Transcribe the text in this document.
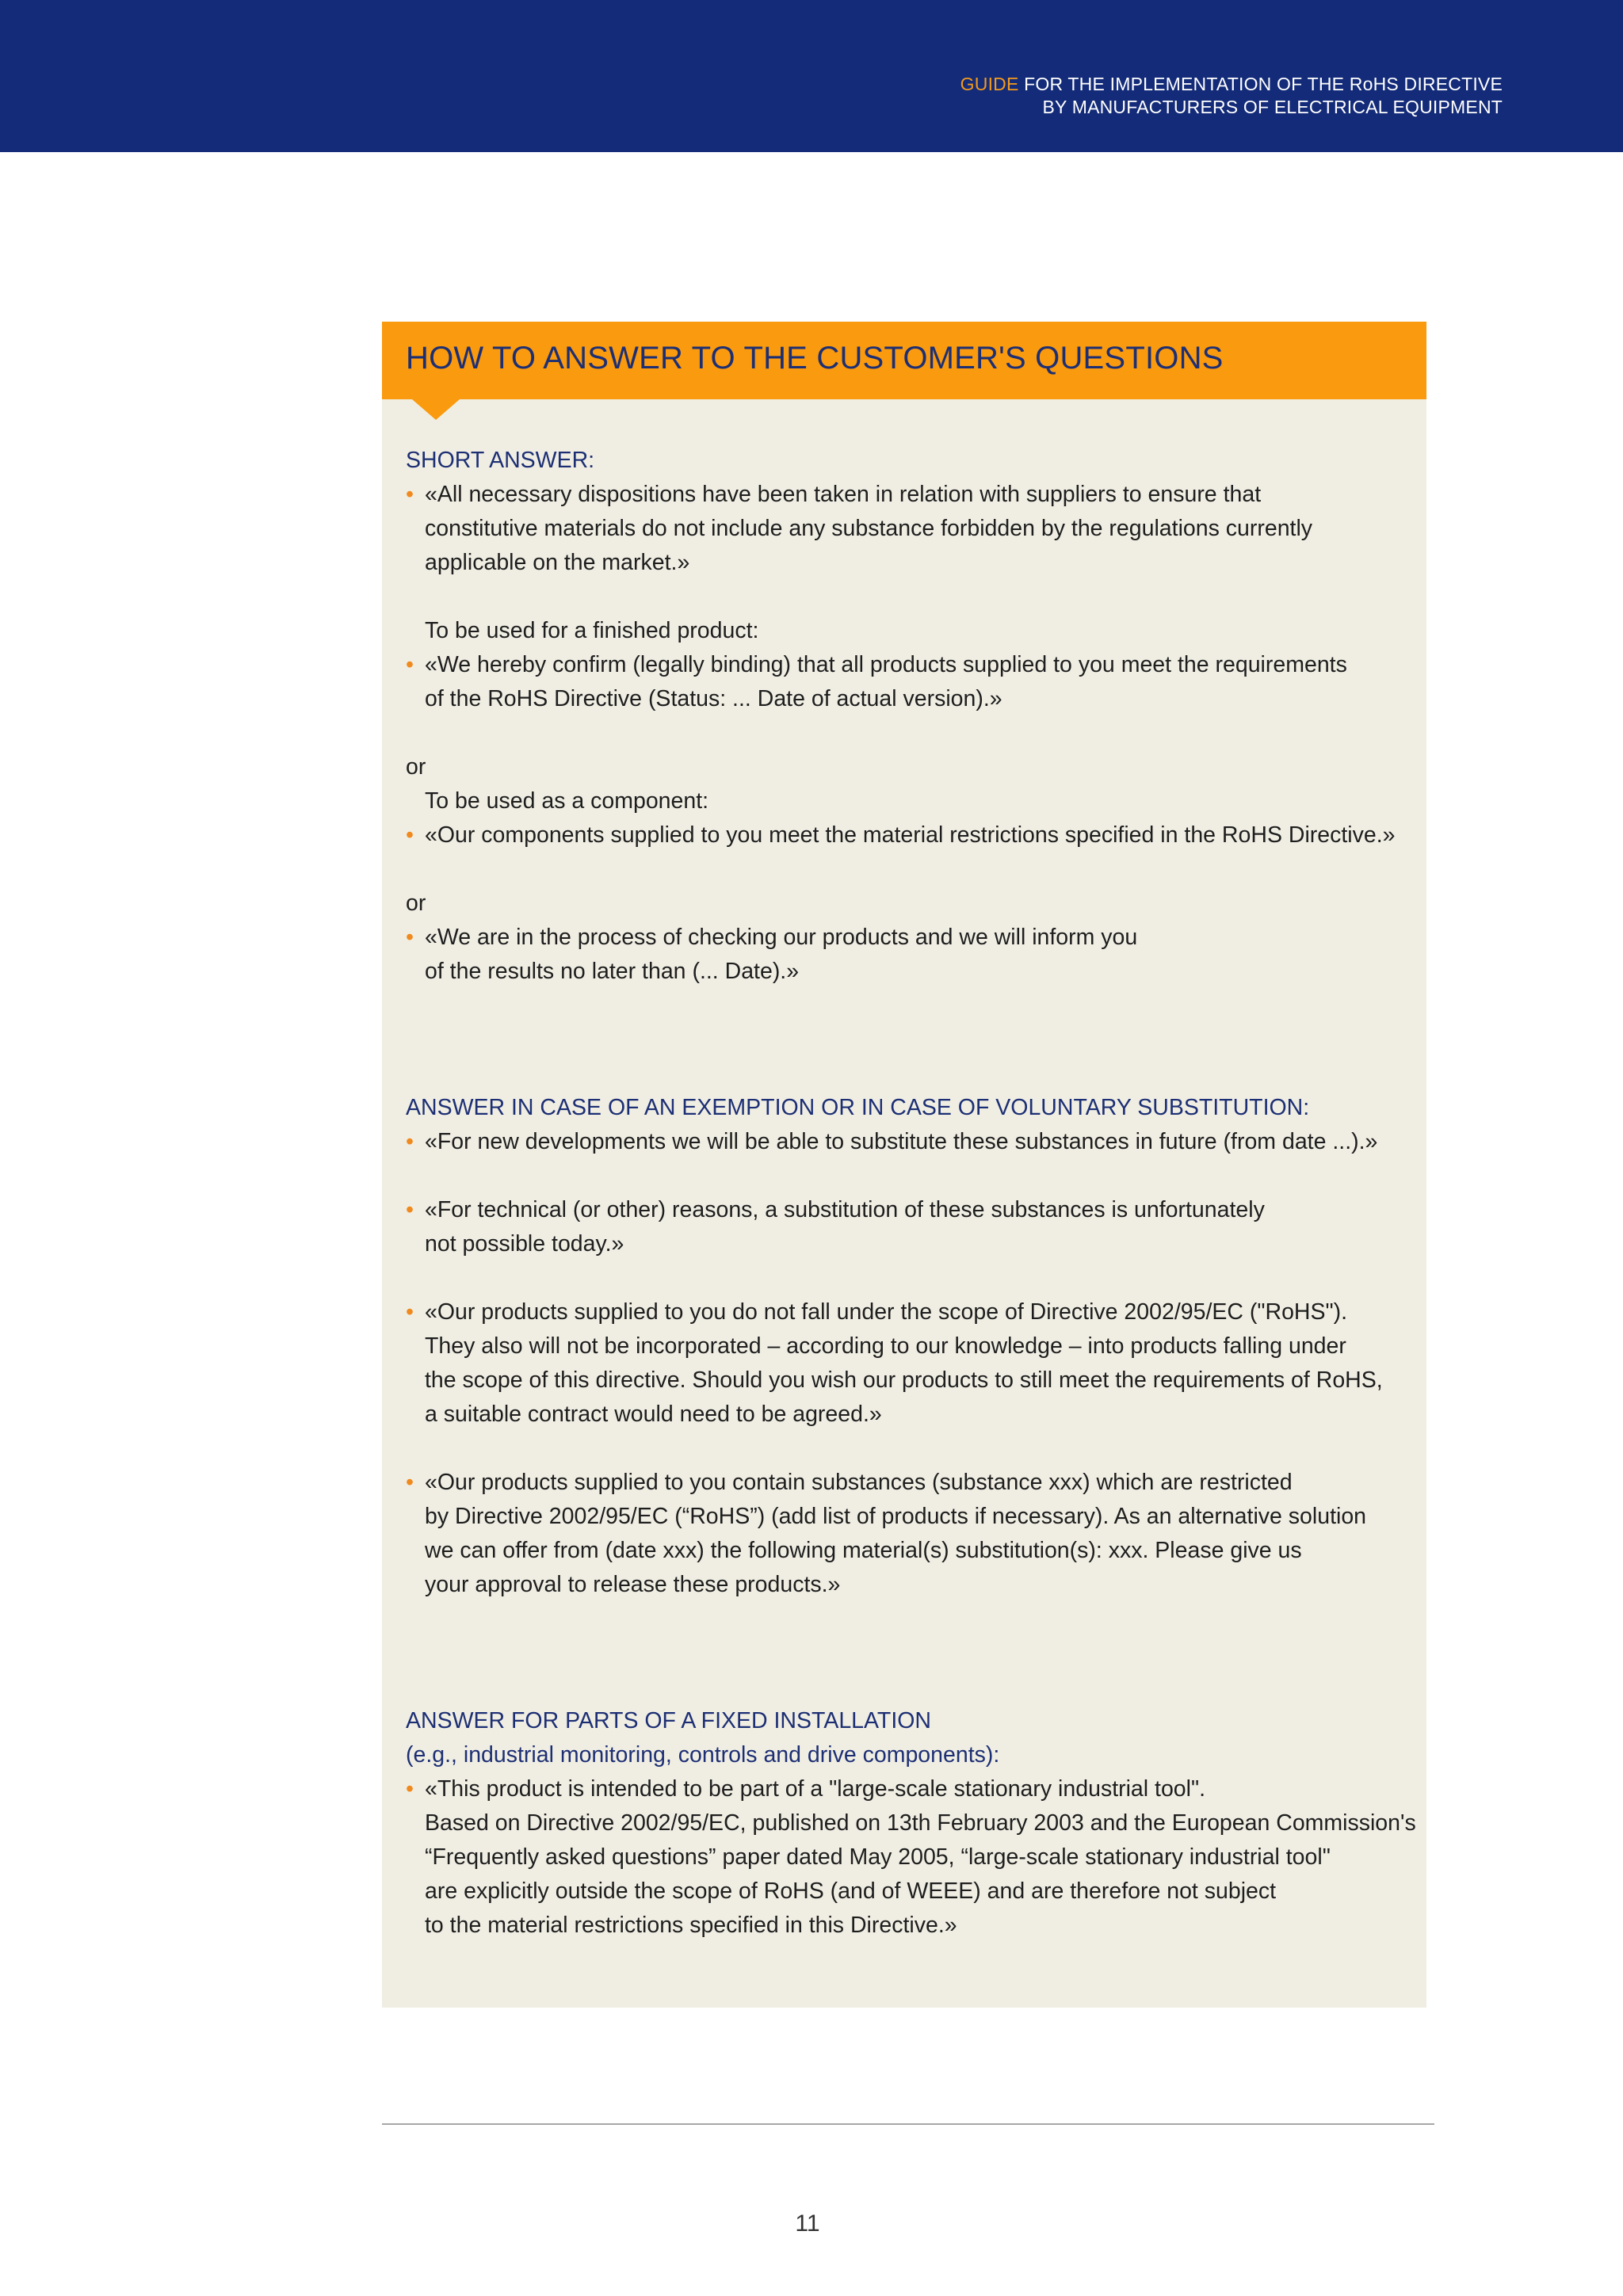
GUIDE FOR THE IMPLEMENTATION OF THE RoHS DIRECTIVE
BY MANUFACTURERS OF ELECTRICAL EQUIPMENT
HOW TO ANSWER TO THE CUSTOMER'S QUESTIONS
SHORT ANSWER:
• «All necessary dispositions have been taken in relation with suppliers to ensure that
constitutive materials do not include any substance forbidden by the regulations currently
applicable on the market.»
To be used for a finished product:
• «We hereby confirm (legally binding) that all products supplied to you meet the requirements
of the RoHS Directive (Status: ... Date of actual version).»
or
To be used as a component:
• «Our components supplied to you meet the material restrictions specified in the RoHS Directive.»
or
• «We are in the process of checking our products and we will inform you
of the results no later than (... Date).»
ANSWER IN CASE OF AN EXEMPTION OR IN CASE OF VOLUNTARY SUBSTITUTION:
• «For new developments we will be able to substitute these substances in future (from date ...).»
• «For technical (or other) reasons, a substitution of these substances is unfortunately
not possible today.»
• «Our products supplied to you do not fall under the scope of Directive 2002/95/EC ("RoHS").
They also will not be incorporated – according to our knowledge – into products falling under
the scope of this directive. Should you wish our products to still meet the requirements of RoHS,
a suitable contract would need to be agreed.»
• «Our products supplied to you contain substances (substance xxx) which are restricted
by Directive 2002/95/EC (“RoHS”) (add list of products if necessary). As an alternative solution
we can offer from (date xxx) the following material(s) substitution(s): xxx. Please give us
your approval to release these products.»
ANSWER FOR PARTS OF A FIXED INSTALLATION
(e.g., industrial monitoring, controls and drive components):
• «This product is intended to be part of a "large-scale stationary industrial tool".
Based on Directive 2002/95/EC, published on 13th February 2003 and the European Commission's
“Frequently asked questions” paper dated May 2005, “large-scale stationary industrial tool"
are explicitly outside the scope of RoHS (and of WEEE) and are therefore not subject
to the material restrictions specified in this Directive.»
11
